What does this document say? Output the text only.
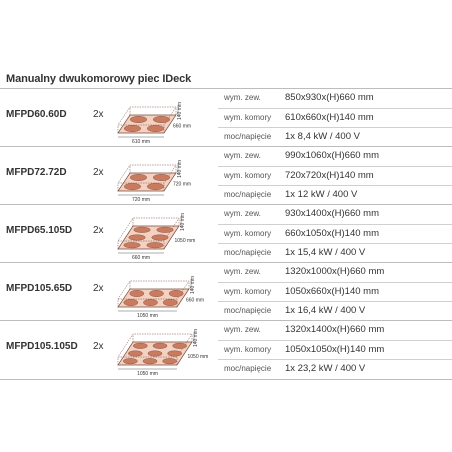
Manualny dwukomorowy piec IDeck
MFPD60.60D	2x
610 mm
660 mm
140 mm
wym. zew.	850x930x(H)660 mm
wym. komory 610x660x(H)140 mm
moc/napięcie 1x 8,4 kW / 400 V
MFPD72.72D	2x
720 mm
720 mm
140 mm
wym. zew.	990x1060x(H)660 mm
wym. komory 720x720x(H)140 mm
moc/napięcie 1x 12 kW / 400 V
MFPD65.105D 2x
660 mm
1050 mm
140 mm	wym. zew.	930x1400x(H)660 mm
wym. komory 660x1050x(H)140 mm
moc/napięcie 1x 15,4 kW / 400 V
MFPD105.65D 2x
1050 mm
660 mm
140 mm
wym. zew.	1320x1000x(H)660 mm
wym. komory 1050x660x(H)140 mm
moc/napięcie 1x 16,4 kW / 400 V
MFPD105.105D 2x
1050 mm
1050 mm
140 mm	wym. zew.	1320x1400x(H)660 mm
wym. komory 1050x1050x(H)140 mm
moc/napięcie 1x 23,2 kW / 400 V
